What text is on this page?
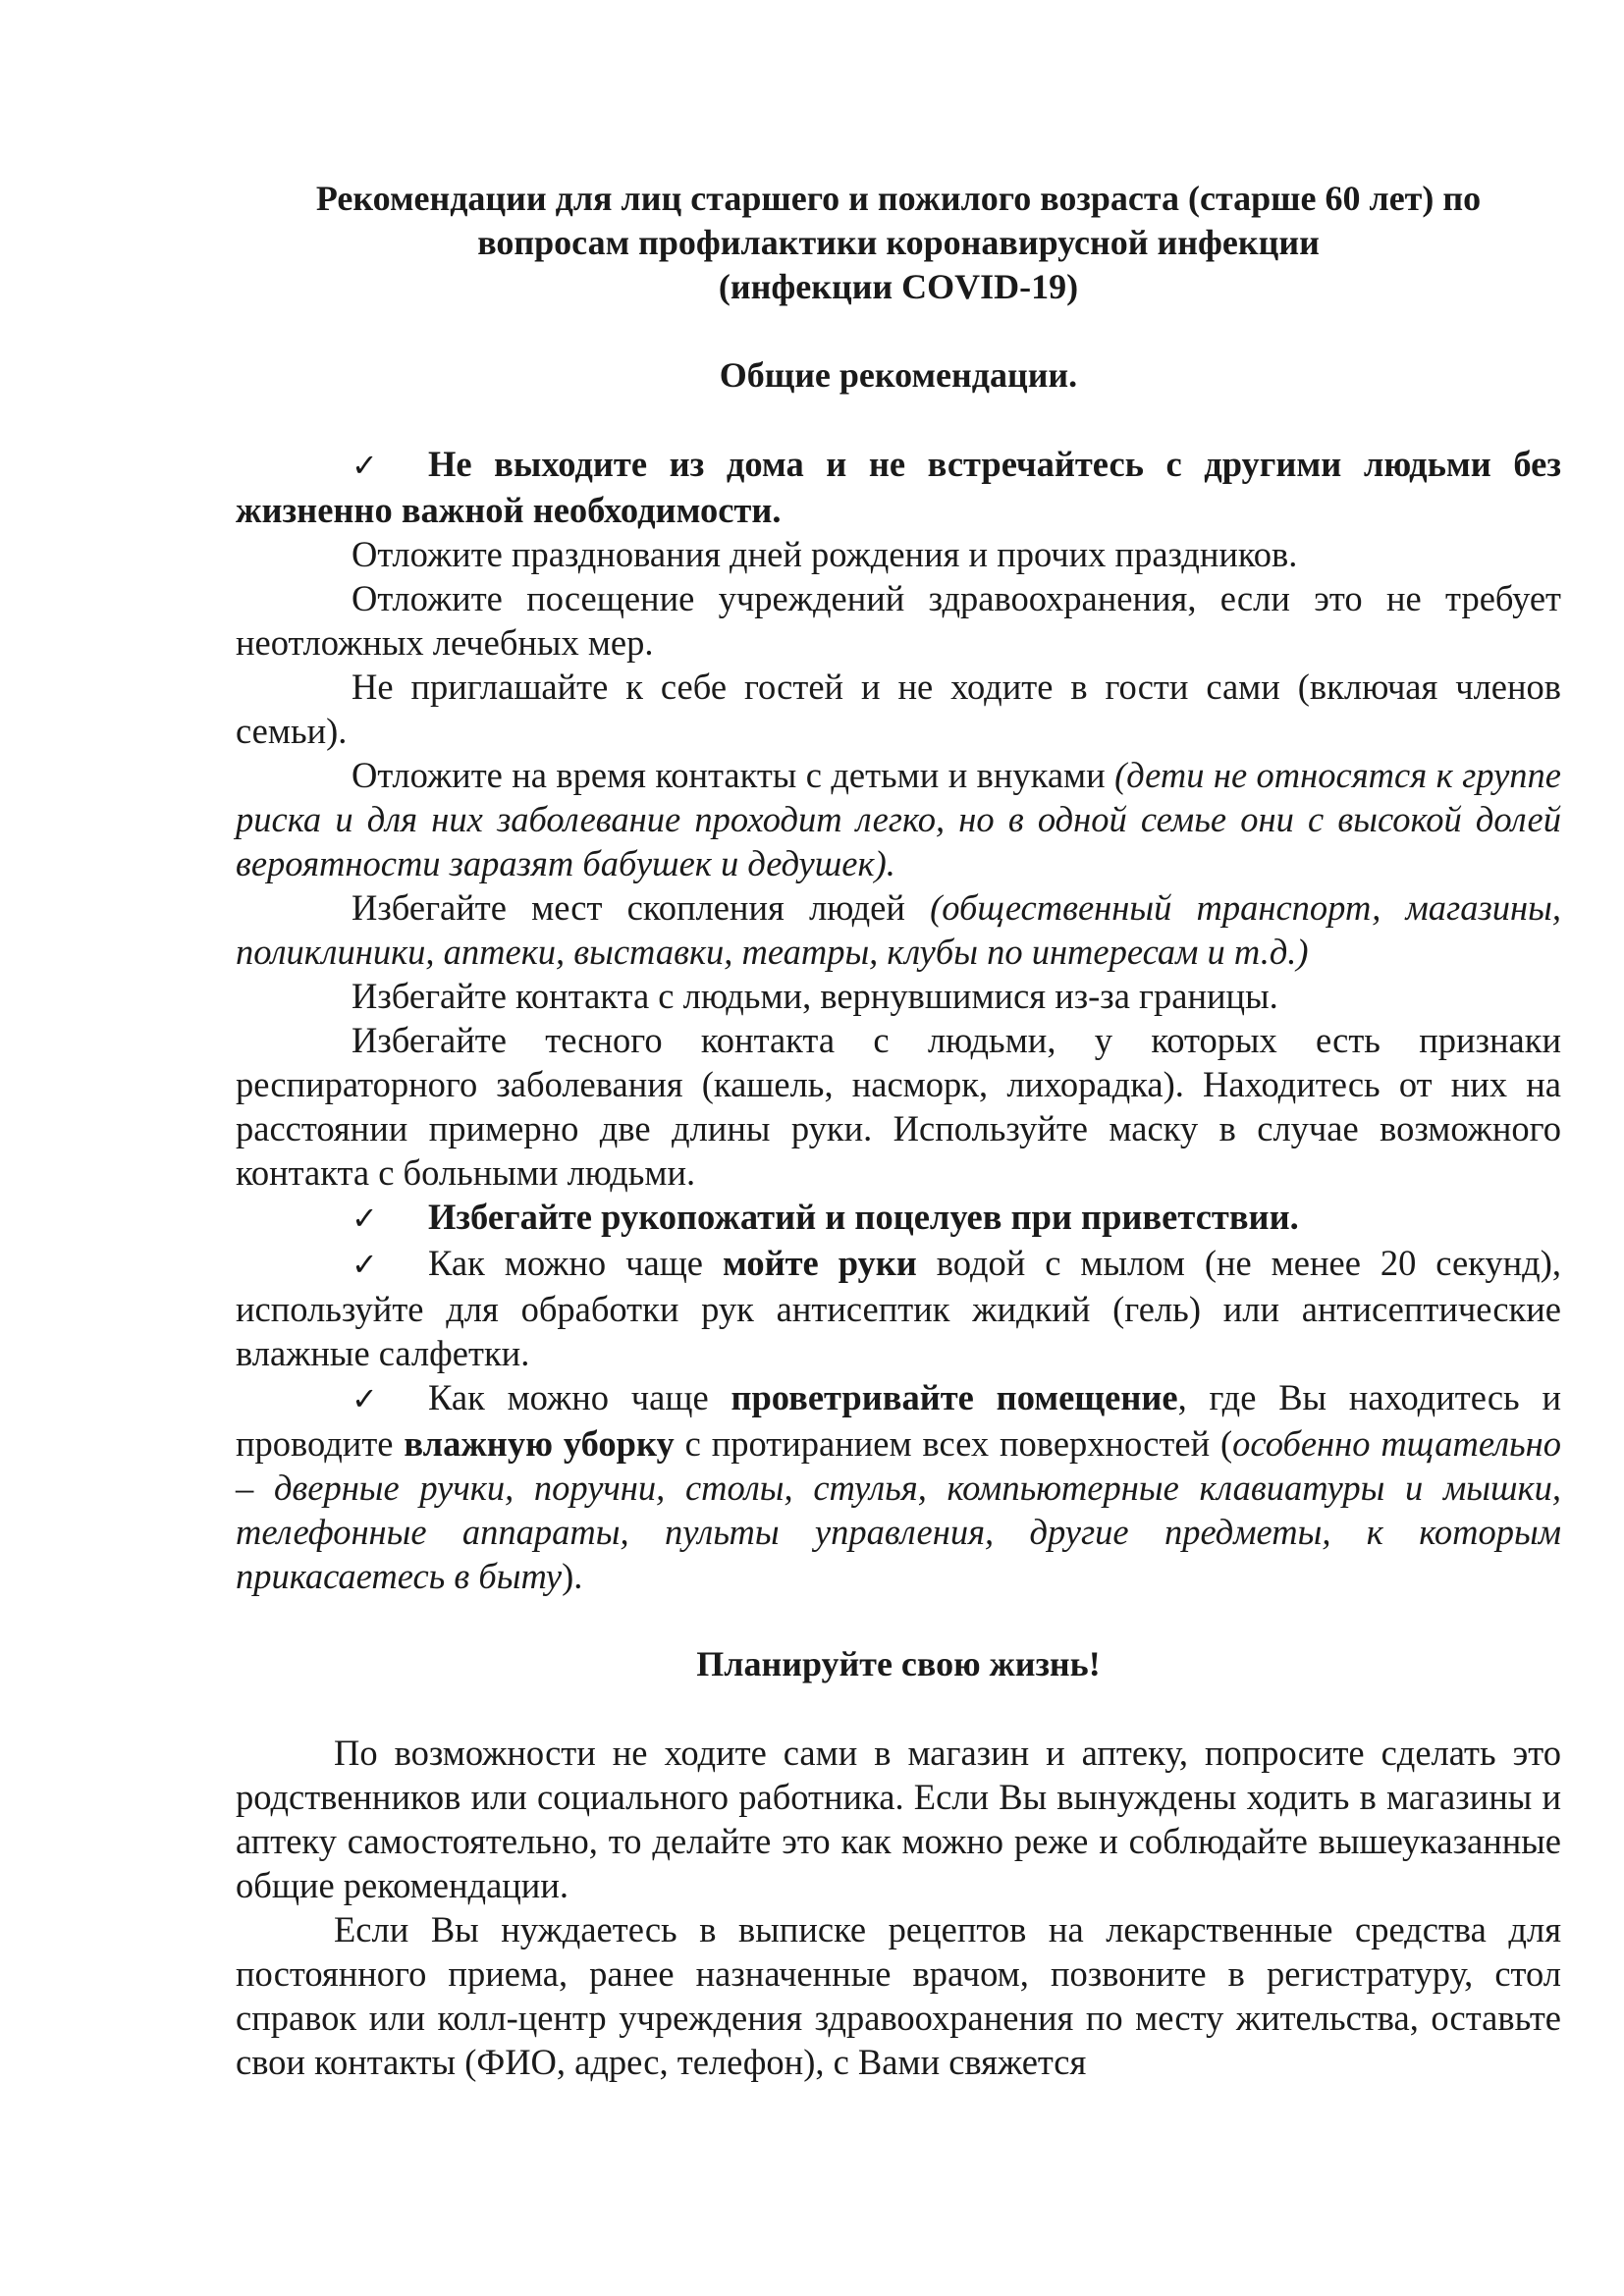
Рекомендации для лиц старшего и пожилого возраста (старше 60 лет) по
вопросам профилактики коронавирусной инфекции
(инфекции COVID-19)
Общие рекомендации.

✓ Не выходите из дома и не встречайтесь с другими людьми без жизненно важной необходимости.

Отложите празднования дней рождения и прочих праздников.

Отложите посещение учреждений здравоохранения, если это не требует неотложных лечебных мер.

Не приглашайте к себе гостей и не ходите в гости сами (включая членов семьи).

Отложите на время контакты с детьми и внуками (дети не относятся к группе риска и для них заболевание проходит легко, но в одной семье они с высокой долей вероятности заразят бабушек и дедушек).

Избегайте мест скопления людей (общественный транспорт, магазины, поликлиники, аптеки, выставки, театры, клубы по интересам и т.д.)

Избегайте контакта с людьми, вернувшимися из-за границы.

Избегайте тесного контакта с людьми, у которых есть признаки респираторного заболевания (кашель, насморк, лихорадка). Находитесь от них на расстоянии примерно две длины руки. Используйте маску в случае возможного контакта с больными людьми.

✓ Избегайте рукопожатий и поцелуев при приветствии.

✓ Как можно чаще мойте руки водой с мылом (не менее 20 секунд), используйте для обработки рук антисептик жидкий (гель) или антисептические влажные салфетки.

✓ Как можно чаще проветривайте помещение, где Вы находитесь и проводите влажную уборку с протиранием всех поверхностей (особенно тщательно – дверные ручки, поручни, столы, стулья, компьютерные клавиатуры и мышки, телефонные аппараты, пульты управления, другие предметы, к которым прикасаетесь в быту).

Планируйте свою жизнь!

По возможности не ходите сами в магазин и аптеку, попросите сделать это родственников или социального работника. Если Вы вынуждены ходить в магазины и аптеку самостоятельно, то делайте это как можно реже и соблюдайте вышеуказанные общие рекомендации.

Если Вы нуждаетесь в выписке рецептов на лекарственные средства для постоянного приема, ранее назначенные врачом, позвоните в регистратуру, стол справок или колл-центр учреждения здравоохранения по месту жительства, оставьте свои контакты (ФИО, адрес, телефон), с Вами свяжется
